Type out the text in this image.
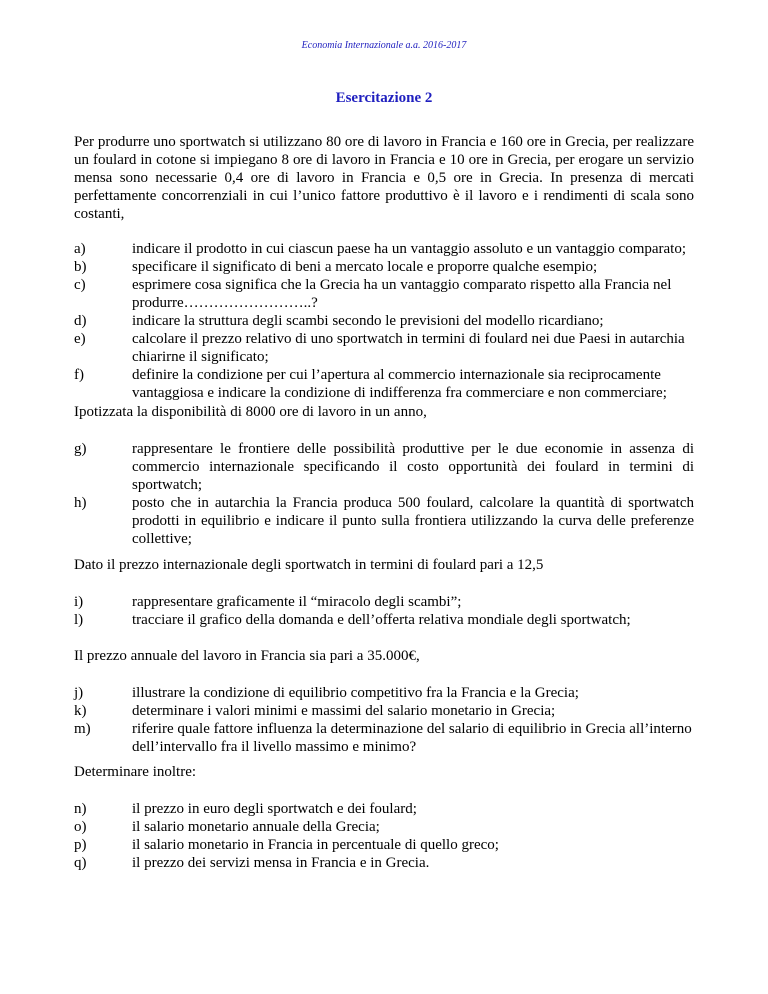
Economia Internazionale a.a. 2016-2017
Esercitazione 2

Per produrre uno sportwatch si utilizzano 80 ore di lavoro in Francia e 160 ore in Grecia, per realizzare un foulard in cotone si impiegano 8 ore di lavoro in Francia e 10 ore in Grecia, per erogare un servizio mensa sono necessarie 0,4 ore di lavoro in Francia e 0,5 ore in Grecia. In presenza di mercati perfettamente concorrenziali in cui l’unico fattore produttivo è il lavoro e i rendimenti di scala sono costanti,

a)	indicare il prodotto in cui ciascun paese ha un vantaggio assoluto e un vantaggio comparato;
b)	specificare il significato di beni a mercato locale e proporre qualche esempio;
c)	esprimere cosa significa che la Grecia ha un vantaggio comparato rispetto alla Francia nel produrre……………………..?
d)	indicare la struttura degli scambi secondo le previsioni del modello ricardiano;
e)	calcolare il prezzo relativo di uno sportwatch in termini di foulard nei due Paesi in autarchia chiarirne il significato;
f)	definire la condizione per cui l’apertura al commercio internazionale sia reciprocamente vantaggiosa e indicare la condizione di indifferenza fra commerciare e non commerciare;

Ipotizzata la disponibilità di 8000 ore di lavoro in un anno,

g)	rappresentare le frontiere delle possibilità produttive per le due economie in assenza di commercio internazionale specificando il costo opportunità dei foulard in termini di sportwatch;
h)	posto che in autarchia la Francia produca 500 foulard, calcolare la quantità di sportwatch prodotti in equilibrio e indicare il punto sulla frontiera utilizzando la curva delle preferenze collettive;

Dato il prezzo internazionale degli sportwatch in termini di foulard pari a 12,5

i)	rappresentare graficamente il “miracolo degli scambi”;
l)	tracciare il grafico della domanda e dell’offerta relativa mondiale degli sportwatch;

Il prezzo annuale del lavoro in Francia sia pari a 35.000€,

j)	illustrare la condizione di equilibrio competitivo fra la Francia e la Grecia;
k)	determinare i valori minimi e massimi del salario monetario in Grecia;
m)	riferire quale fattore influenza la determinazione del salario di equilibrio in Grecia all’interno dell’intervallo fra il livello massimo e minimo?

Determinare inoltre:

n)	il prezzo in euro degli sportwatch e dei foulard;
o)	il salario monetario annuale della Grecia;
p)	il salario monetario in Francia in percentuale di quello greco;
q)	il prezzo dei servizi mensa in Francia e in Grecia.
